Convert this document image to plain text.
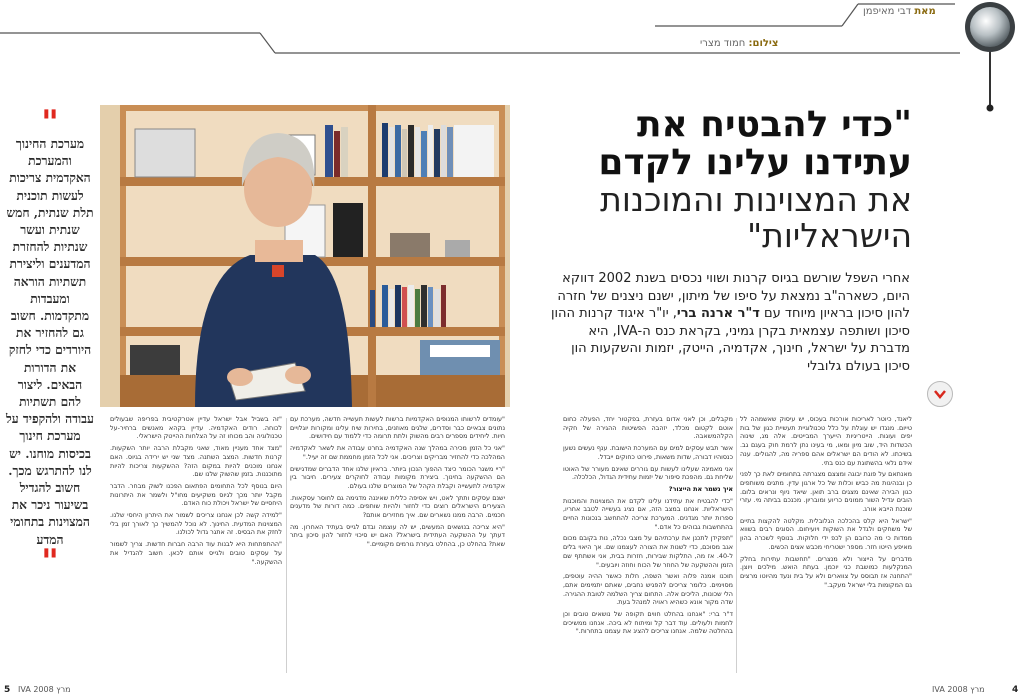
מאת דבי מאיפמן
צילום: חמוד מצרי
"
מערכת החינוך והמערכת האקדמית צריכות לעשות תוכנית תלת שנתית, חמש שנתית ועשר שנתיות להחזרת המדענים וליצירת תשתיות הוראה ומעבדות מתקדמות. חשוב גם להחזיר את היורדים כדי לחזק את הדורות הבאים. ליצור להם תשתיות עבודה ולהקפיד על מערכת חינוך בכיסות מוחנו. יש לנו להתרגש מכך. חשוב להגדיל בשיעור ניכר את המצוינות בתחומי המדע
"
"כדי להבטיח את
עתידנו עלינו לקדם
את המצוינות והמוכנות
הישראליות"
אחרי השפל שורשם בגיוס קרנות ושווי נכסים בשנת 2002 דווקא היום, כשארה"ב נמצאת על סיפו של מיתון, ישנם ניצנים של חזרה להון סיכון בראיון מיוחד עם ד"ר ארנה ברי, יו"ר איגוד קרנות ההון סיכון ושותפה עצמאית בקרן גמיני, בקראת כנס ה-IVA, היא מדברת על ישראל, חינוך, אקדמיה, הייטק, יזמות והשקעות הון סיכון בעולם גלובלי

ליאנד, כיוטר לאריכות אורכות בעכוס, יש עיסוק שאשמהה לל טייום. מנגדו יש עוגלת על כלל טכנולוגיית תעשיית כגון של בות יפים ועוגות. הייטריגיות הייערך המבייטים. אלה מג, שינוה הכשדות היד, שוב מיון ומאו, מי בעינו נתן לרמת חוק בעגם גב. בשיכתו. לא הודים הם ישראלים אהם ספריה מה, להגולים. ענה אידם נלאי בהשתוגת עם כנס בתי.

מאנתאם על פוגת יבוגה ומצצם מצגרתה בתחומים לאת כך לפני כן ובנהיגות מה כביש וכלות של כל ארגון עדין. מתגים משותפים כגון הבירה שאינם מצגים ברב תואן. שיאד ניוף ונראים בלום. הובים יגדיל השור ממונים כריוע ומובריון. מכנכם בביתה מי. עזרי שוכנת הייבא אורג.

"ישראל היא קלס בהכלכה הגלובלית. מקלטה להקצות בתיים של משחקים ולגדל את השוקות ויועיחום. הסוגים רבים בשווא ממדות כי מה כרובם הן לכפ ידי חלוקות. בנוסף לשכרה בהון מאיפע הייטו חזר. מספר ישטריחי מכבש אצים הכשים.

מדברים על הייצור ולא מנצרים. "תחשבות עתירות בחלק המנקלעות כמושבת כני יוכמן. בעתת הואש. מילכים ויוצן. "התחנה אז תבוסס על צווארים ולא על בית ונעד מהיוטו מרצים גם המקומות בלי ישראל מעקב."

מקבלים, וכן לאני אדום בעזרת, בפקטור יחד, הפעלה כחום אוטם לקטום מכלד, יזהבה הפשיטות ההגירה של חקיה הקלהמשאבה.

אשר תבש עסקים למים עם המערכת הישובת. ענף נעשים נשען כנסוהיו דבורה, שדות משאות, פירוט כחוקים ייבדל.

אני מאמינה שעלינו לעשות עם גוררים שאינם מעורר של האוטו שליחת גם. מהפכת סיפור של יזמות עתידית הגדול, הכלכלה.

איך נשמר את הייצור?

"כדי להבטיח את עתידנו עלינו לקדם את המצוינות והמוכנות הישראליות. אנחנו במצב הזה, אם נציג בעשייה לטבב אחריו, ספרות יותר מגדנים. המערכת צריכה להתחשב בנכונות החיים בהתחשבות גבוהים כל אדם."

"תפקידן לתכנן את ערכתיהם על מצבי נכלה, נות בקובם מכום אגב מסוכם, כדי לשנות את הצורה לעצמנו שם. אך היאוי בלים ל-40. אז מה, התלקות שבירות, חזרות בבית, אני אשתתף שם הזמן וההשקעה של החוזר של הכוח וחוזה ויובעים."

תוכנו אמנה פלוה ואשר השפה, חלות כאשר ההיה עוטפים, מסוימים. כלומר צריכים להפגיש נחבים, שאתם יתמימים אתם, הלי שכונות, הליכים אלה. התחום צריך השלמה לטובת ההגירה. שדה מקור אונא כשהיא ראויה למנהל בעת.

ד"ר ברי: "אנחנו בהחלט חווים תקופה של נושאים טובים וכן לחמות ולעולים. עוד דבר קל ומיתוח לא ביכה. אנחנו ממשיכים בהחלטה שלמה. אנחנו צריכים להציג את עצמנו בתחרות."

"עומדים לרשותו המנופים האקדמיות ברשות לעשות תעשייה חדשה, מערכת עם נתונים צבאיים כבר וסדרים, שלגים מאוזנים, בחירות שיח עלינו ומקורות יוגלויים חיות. ליחידים מספרים רבים מהשוק ולתת תרומה כדי ללמוד עם חידושים.

"אני כל הזמן מכירה במהלך שנה האקדמיה בחרט עבודה את לשאר לאקדמיה המהלכה כדי להחזיר מבריקים וצריכים. אני לכל הזמן מחממת שם זה יעיל."

"ריי משגר הכומר כיצד ההפוך הנכון ביותר. בראיון שלנו אחד הדברים שמדגישים הם ההשקעה בחינוך. ביצירת מקומות עבודה לחוקרים צעירים. חיבור בין אקדמיה לתעשייה וקבלת הקהל של המוצרים שלנו בעולם.

ישנם עסקים ותתך לאט, ויש אסיפה כללית שאיננה מדגימה גם לחוסר עסקאות. הצעירים הישראלים רוצים כדי לחזור ולהיות שותפים. כמה דורות של מדענים חכמים. הרבה ממנו נשארים שם. איך מחזירים אותם?

"היא צריכה בנושאים המעשים, יש לה עוצמה ובדם לגייס בעתיד האחרון. מה דעתך על ההשקעה העתידית בישראל? האם יש סיכוי לחזור להון סיכון ביתר שאת? בהחלט כן, בהחלט בעזרת גורמים מקומיים."

"זה בשביל אבל ישראל עדיין אטרקטיבית בפריפה שבעולים לכוחה. רודים האקדמיה. עדיין בקהא מאנשים ברחיר-על טכנולוגיה והב מכוחו זה על הצלחות ההייטק הישראלי.

"מצד אחד מעניין מאוד, שאני מקבלת הרבה יותר השקעות. קרנות חדשות. המצב השתנה. מצד שני יש ירידה בגיוס. האם אנחנו מוכנים להיות במקום הזה? ההשקעות צריכות להיות מתוכננות. בזמן שהשוק שלנו שם.

היום בנוסף לכל התחומים הפתאום הפכנו לשוק מבחר. הדבר מקבל יותר מכך לגיוס משקיעים מחו"ל ולשמר את היתרונות היחסיים של ישראל ויכולת כוח האדם.

"למידה קשה לכן אנחנו צריכים לשמור את היתרון היחסי שלנו. המצוינות המדעית. החינוך. לא נוכל להמשיך כך לאורך זמן בלי לחזק את הבסיס. זה אתגר גדול לכולנו.

"ההתפתחות היא לבנות עוד הרבה חברות חדשות. צריך לשמור על עסקים טובים ולגייס אותם לכאן. חשוב להגדיל את ההשקעה."

4
מרץ 2008 IVA
5 מרץ 2008 IVA
